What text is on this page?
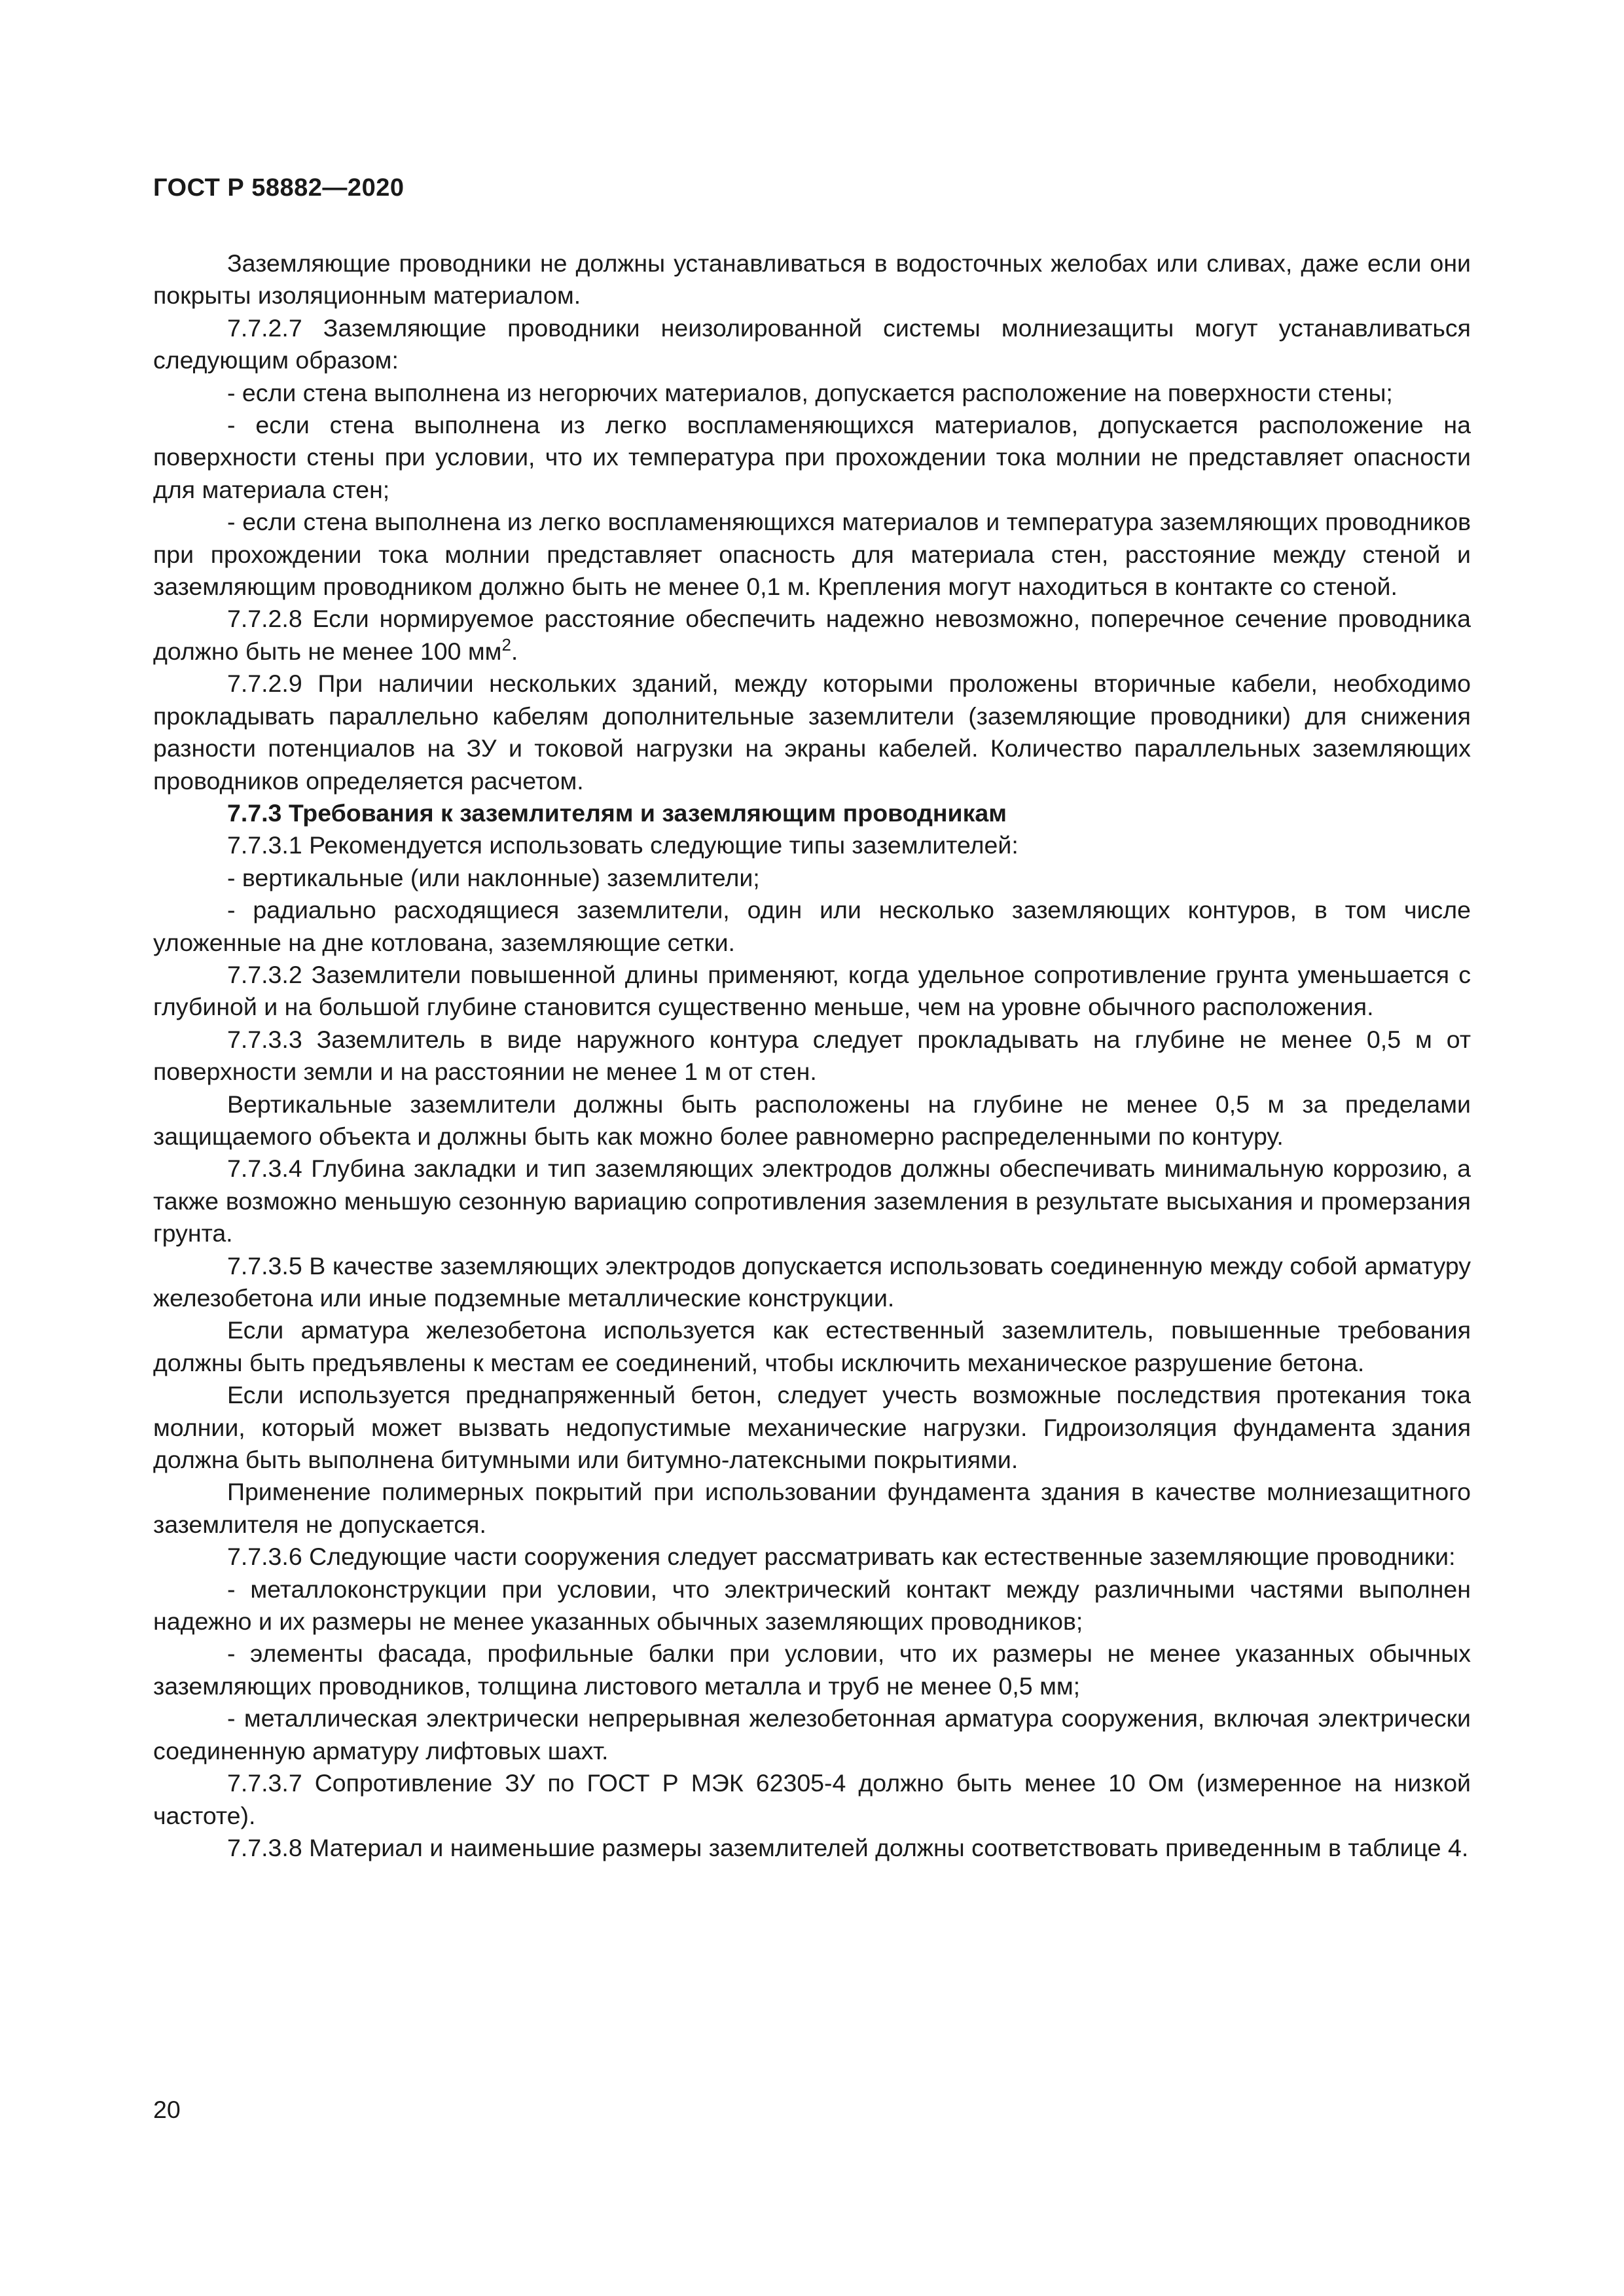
ГОСТ Р 58882—2020

Заземляющие проводники не должны устанавливаться в водосточных желобах или сливах, даже если они покрыты изоляционным материалом.

7.7.2.7 Заземляющие проводники неизолированной системы молниезащиты могут устанавливаться следующим образом:

- если стена выполнена из негорючих материалов, допускается расположение на поверхности стены;

- если стена выполнена из легко воспламеняющихся материалов, допускается расположение на поверхности стены при условии, что их температура при прохождении тока молнии не представляет опасности для материала стен;

- если стена выполнена из легко воспламеняющихся материалов и температура заземляющих проводников при прохождении тока молнии представляет опасность для материала стен, расстояние между стеной и заземляющим проводником должно быть не менее 0,1 м. Крепления могут находиться в контакте со стеной.

7.7.2.8 Если нормируемое расстояние обеспечить надежно невозможно, поперечное сечение проводника должно быть не менее 100 $мм^2$.

7.7.2.9 При наличии нескольких зданий, между которыми проложены вторичные кабели, необходимо прокладывать параллельно кабелям дополнительные заземлители (заземляющие проводники) для снижения разности потенциалов на ЗУ и токовой нагрузки на экраны кабелей. Количество параллельных заземляющих проводников определяется расчетом.

7.7.3 Требования к заземлителям и заземляющим проводникам

7.7.3.1 Рекомендуется использовать следующие типы заземлителей:

- вертикальные (или наклонные) заземлители;

- радиально расходящиеся заземлители, один или несколько заземляющих контуров, в том числе уложенные на дне котлована, заземляющие сетки.

7.7.3.2 Заземлители повышенной длины применяют, когда удельное сопротивление грунта уменьшается с глубиной и на большой глубине становится существенно меньше, чем на уровне обычного расположения.

7.7.3.3 Заземлитель в виде наружного контура следует прокладывать на глубине не менее 0,5 м от поверхности земли и на расстоянии не менее 1 м от стен.

Вертикальные заземлители должны быть расположены на глубине не менее 0,5 м за пределами защищаемого объекта и должны быть как можно более равномерно распределенными по контуру.

7.7.3.4 Глубина закладки и тип заземляющих электродов должны обеспечивать минимальную коррозию, а также возможно меньшую сезонную вариацию сопротивления заземления в результате высыхания и промерзания грунта.

7.7.3.5 В качестве заземляющих электродов допускается использовать соединенную между собой арматуру железобетона или иные подземные металлические конструкции.

Если арматура железобетона используется как естественный заземлитель, повышенные требования должны быть предъявлены к местам ее соединений, чтобы исключить механическое разрушение бетона.

Если используется преднапряженный бетон, следует учесть возможные последствия протекания тока молнии, который может вызвать недопустимые механические нагрузки. Гидроизоляция фундамента здания должна быть выполнена битумными или битумно-латексными покрытиями.

Применение полимерных покрытий при использовании фундамента здания в качестве молниезащитного заземлителя не допускается.

7.7.3.6 Следующие части сооружения следует рассматривать как естественные заземляющие проводники:

- металлоконструкции при условии, что электрический контакт между различными частями выполнен надежно и их размеры не менее указанных обычных заземляющих проводников;

- элементы фасада, профильные балки при условии, что их размеры не менее указанных обычных заземляющих проводников, толщина листового металла и труб не менее 0,5 мм;

- металлическая электрически непрерывная железобетонная арматура сооружения, включая электрически соединенную арматуру лифтовых шахт.

7.7.3.7 Сопротивление ЗУ по ГОСТ Р МЭК 62305-4 должно быть менее 10 Ом (измеренное на низкой частоте).

7.7.3.8 Материал и наименьшие размеры заземлителей должны соответствовать приведенным в таблице 4.

20
